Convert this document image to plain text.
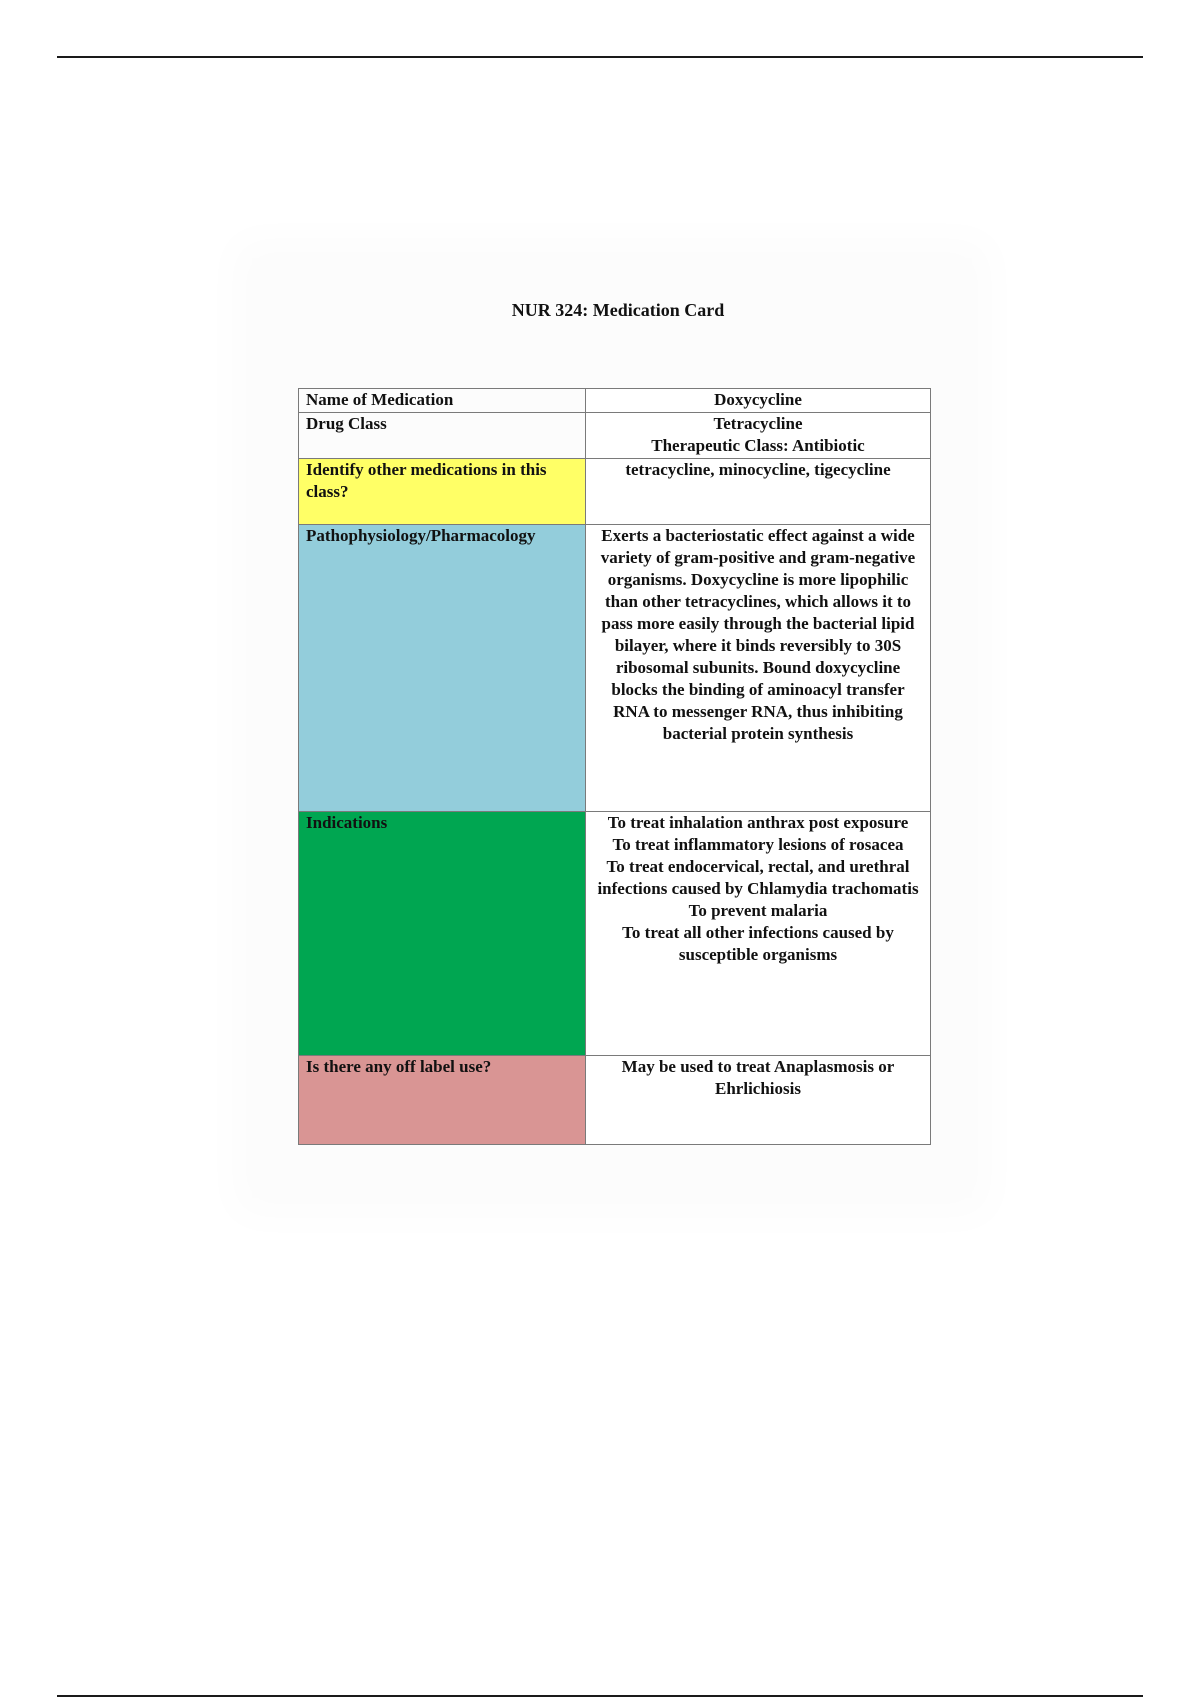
NUR 324: Medication Card
Name of Medication	Doxycycline

Drug Class	Tetracycline
Therapeutic Class: Antibiotic

Identify other medications in this class?	tetracycline, minocycline, tigecycline

Pathophysiology/Pharmacology	Exerts a bacteriostatic effect against a wide variety of gram-positive and gram-negative organisms. Doxycycline is more lipophilic than other tetracyclines, which allows it to pass more easily through the bacterial lipid bilayer, where it binds reversibly to 30S ribosomal subunits. Bound doxycycline blocks the binding of aminoacyl transfer RNA to messenger RNA, thus inhibiting bacterial protein synthesis

Indications	To treat inhalation anthrax post exposure
To treat inflammatory lesions of rosacea
To treat endocervical, rectal, and urethral infections caused by Chlamydia trachomatis
To prevent malaria
To treat all other infections caused by susceptible organisms

Is there any off label use?	May be used to treat Anaplasmosis or Ehrlichiosis
